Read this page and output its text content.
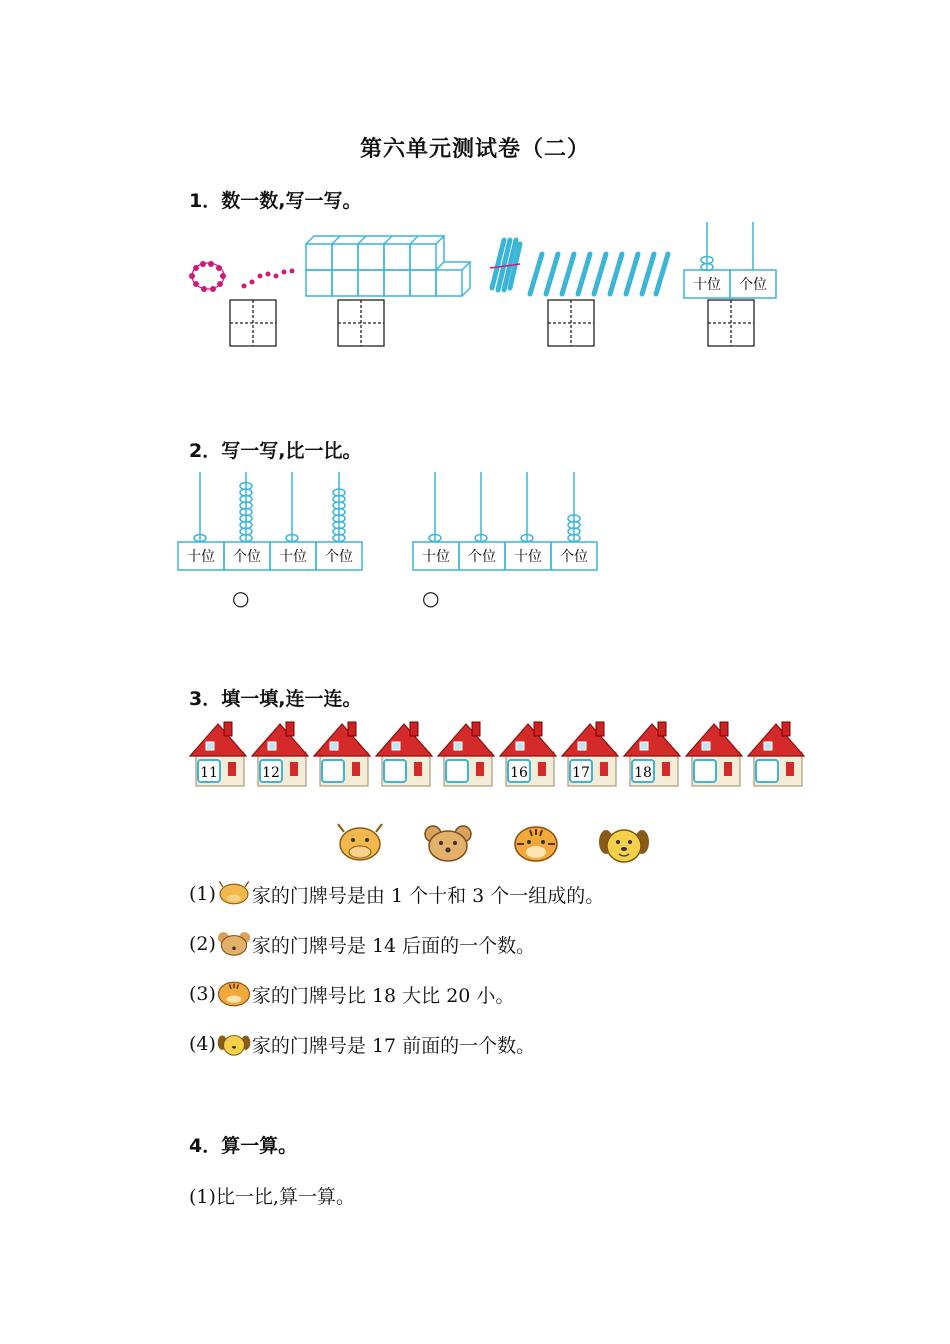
第六单元测试卷（二）
1．数一数,写一写。
十位 个位
2．写一写,比一比。
十位 个位 十位 个位	十位 个位 十位 个位
○	○
3．填一填,连一连。
11	12	16	17	18
(1) 家的门牌号是由 1 个十和 3 个一组成的。
(2) 家的门牌号是 14 后面的一个数。
(3) 家的门牌号比 18 大比 20 小。
(4) 家的门牌号是 17 前面的一个数。
4．算一算。
(1)比一比,算一算。
